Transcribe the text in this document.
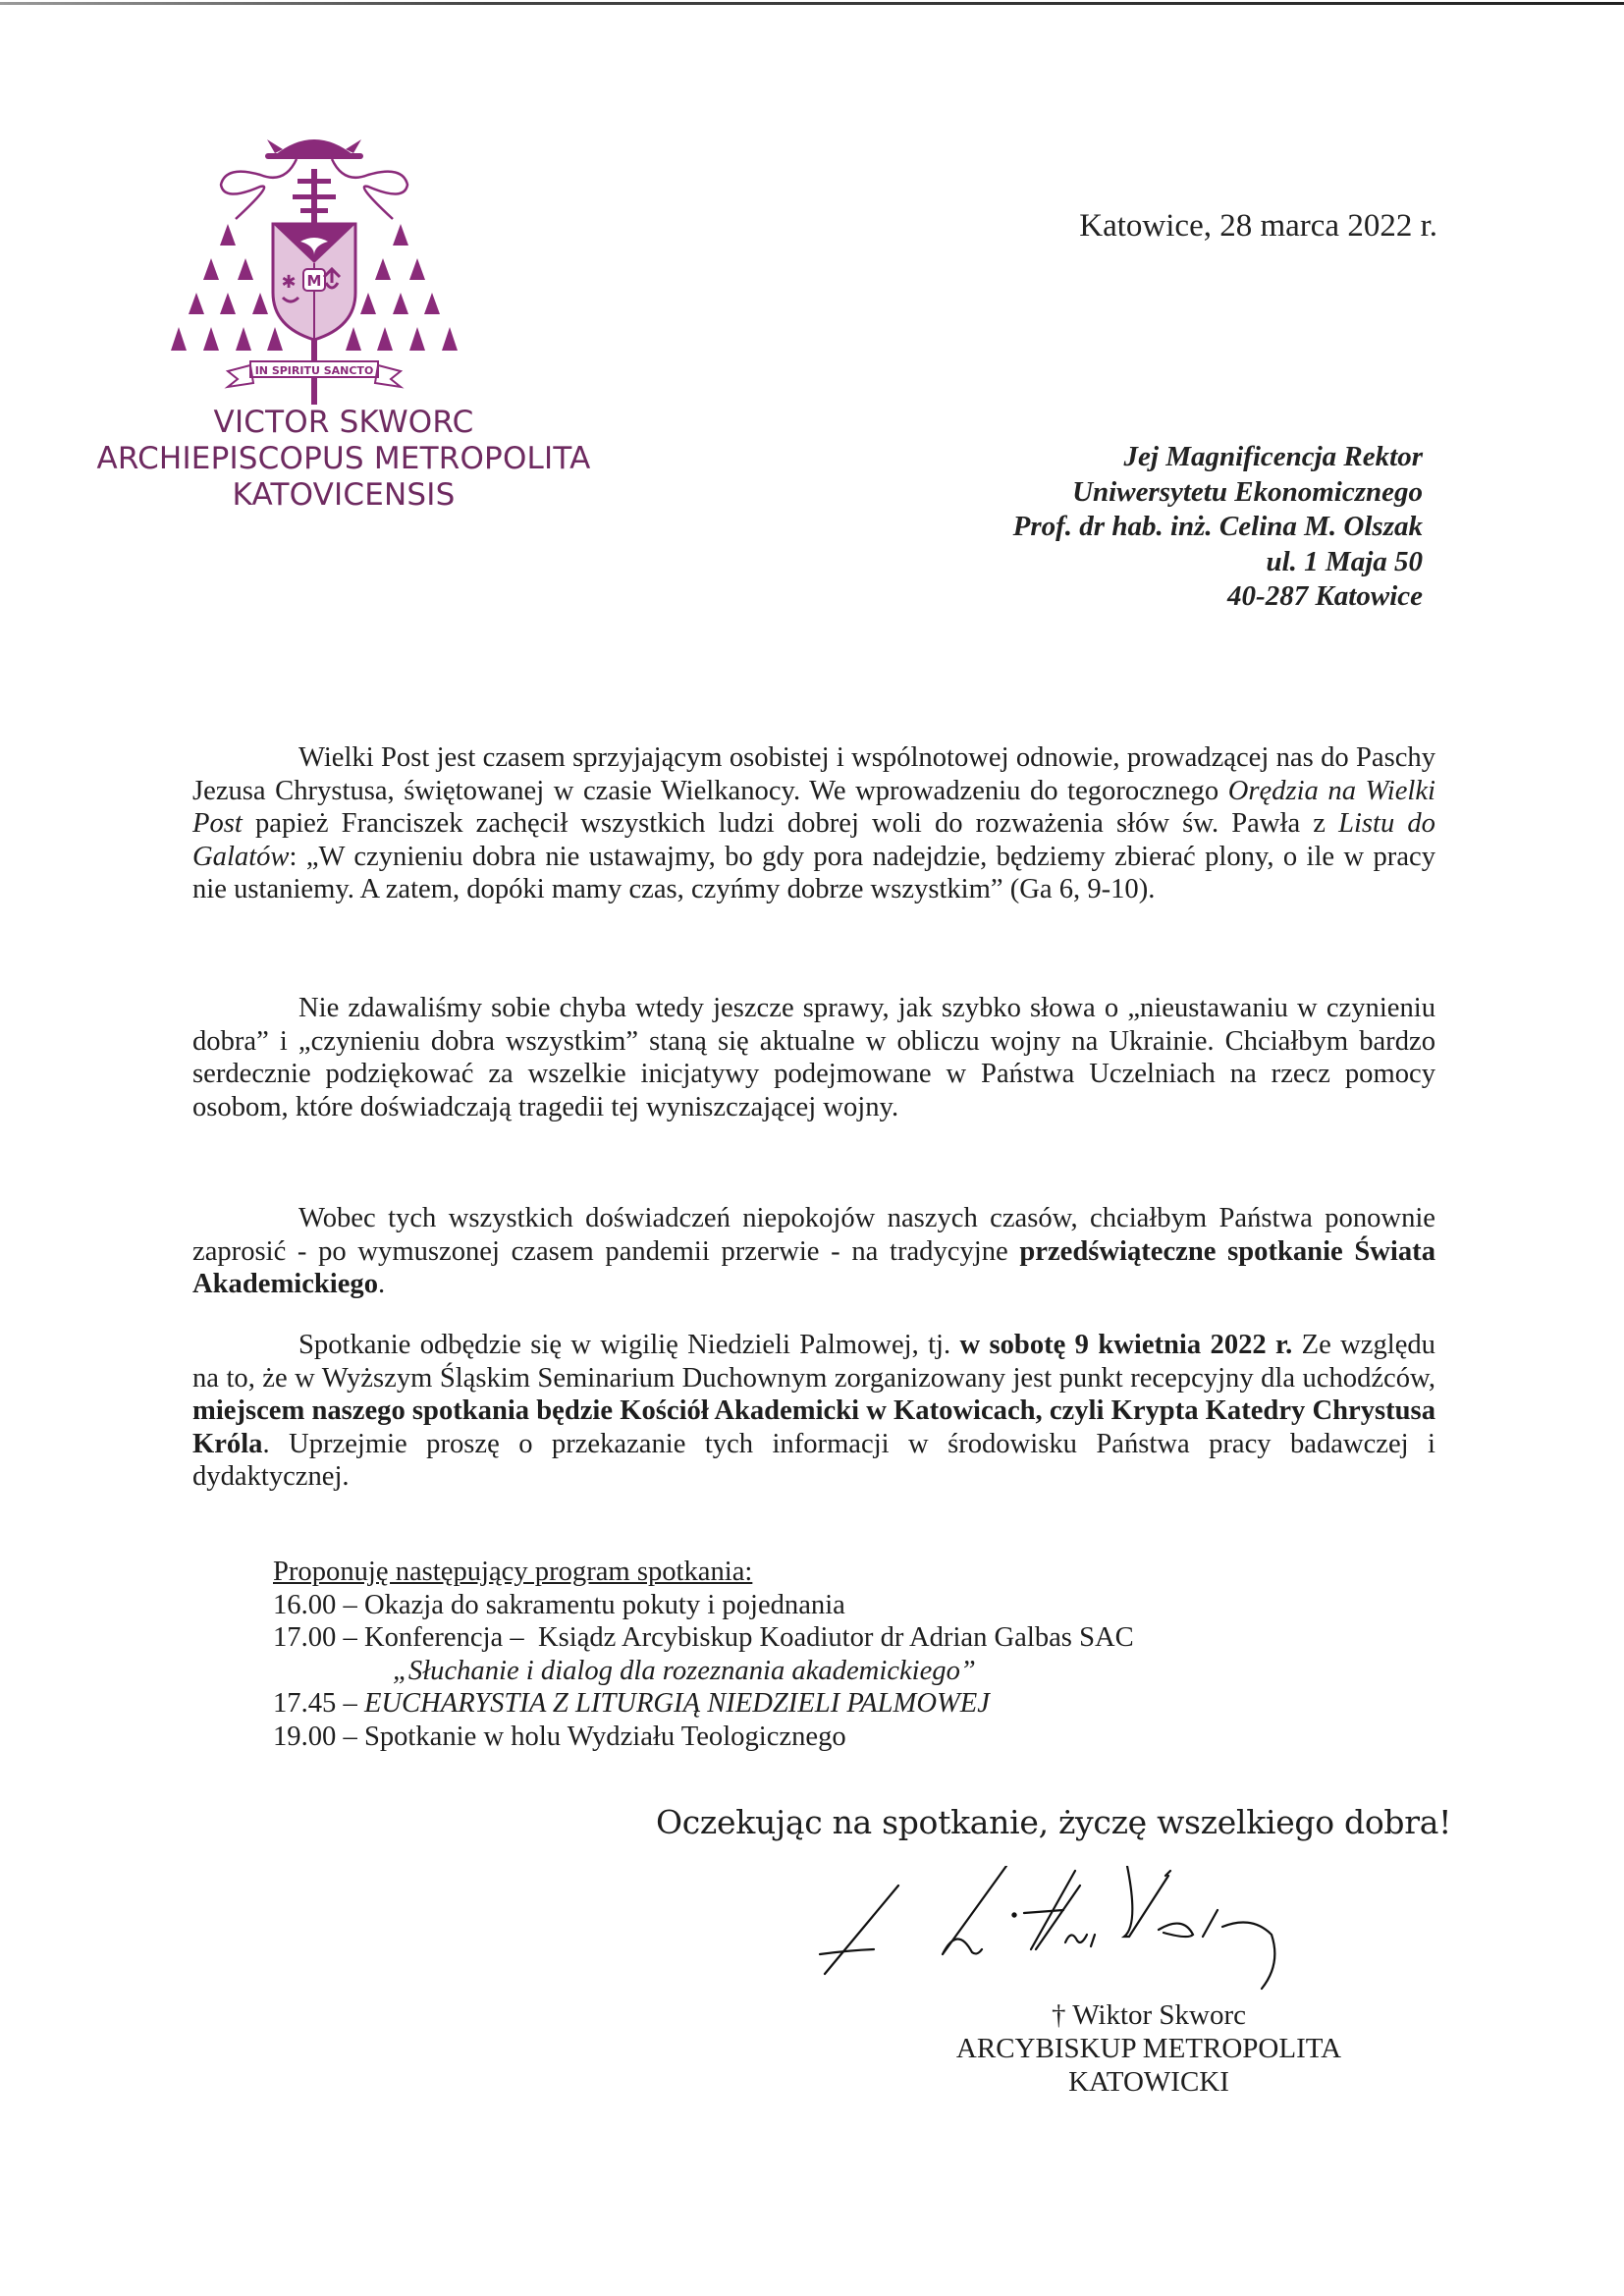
M
✱
IN SPIRITU SANCTO
VICTOR SKWORC
ARCHIEPISCOPUS METROPOLITA
KATOVICENSIS
Katowice, 28 marca 2022 r.
Jej Magnificencja Rektor
Uniwersytetu Ekonomicznego
Prof. dr hab. inż. Celina M. Olszak
ul. 1 Maja 50
40-287 Katowice

Wielki Post jest czasem sprzyjającym osobistej i wspólnotowej odnowie, prowadzącej nas do Paschy Jezusa Chrystusa, świętowanej w czasie Wielkanocy. We wprowadzeniu do tegorocznego Orędzia na Wielki Post papież Franciszek zachęcił wszystkich ludzi dobrej woli do rozważenia słów św. Pawła z Listu do Galatów: „W czynieniu dobra nie ustawajmy, bo gdy pora nadejdzie, będziemy zbierać plony, o ile w pracy nie ustaniemy. A zatem, dopóki mamy czas, czyńmy dobrze wszystkim” (Ga 6, 9-10).

Nie zdawaliśmy sobie chyba wtedy jeszcze sprawy, jak szybko słowa o „nieustawaniu w czynieniu dobra” i „czynieniu dobra wszystkim” staną się aktualne w obliczu wojny na Ukrainie. Chciałbym bardzo serdecznie podziękować za wszelkie inicjatywy podejmowane w Państwa Uczelniach na rzecz pomocy osobom, które doświadczają tragedii tej wyniszczającej wojny.

Wobec tych wszystkich doświadczeń niepokojów naszych czasów, chciałbym Państwa ponownie zaprosić - po wymuszonej czasem pandemii przerwie - na tradycyjne przedświąteczne spotkanie Świata Akademickiego.

Spotkanie odbędzie się w wigilię Niedzieli Palmowej, tj. w sobotę 9 kwietnia 2022 r. Ze względu na to, że w Wyższym Śląskim Seminarium Duchownym zorganizowany jest punkt recepcyjny dla uchodźców, miejscem naszego spotkania będzie Kościół Akademicki w Katowicach, czyli Krypta Katedry Chrystusa Króla. Uprzejmie proszę o przekazanie tych informacji w środowisku Państwa pracy badawczej i dydaktycznej.

Proponuję następujący program spotkania:
16.00 – Okazja do sakramentu pokuty i pojednania
17.00 – Konferencja –  Ksiądz Arcybiskup Koadiutor dr Adrian Galbas SAC
„Słuchanie i dialog dla rozeznania akademickiego”
17.45 – EUCHARYSTIA Z LITURGIĄ NIEDZIELI PALMOWEJ
19.00 – Spotkanie w holu Wydziału Teologicznego
Oczekując na spotkanie, życzę wszelkiego dobra!
† Wiktor Skworc
ARCYBISKUP METROPOLITA
KATOWICKI
